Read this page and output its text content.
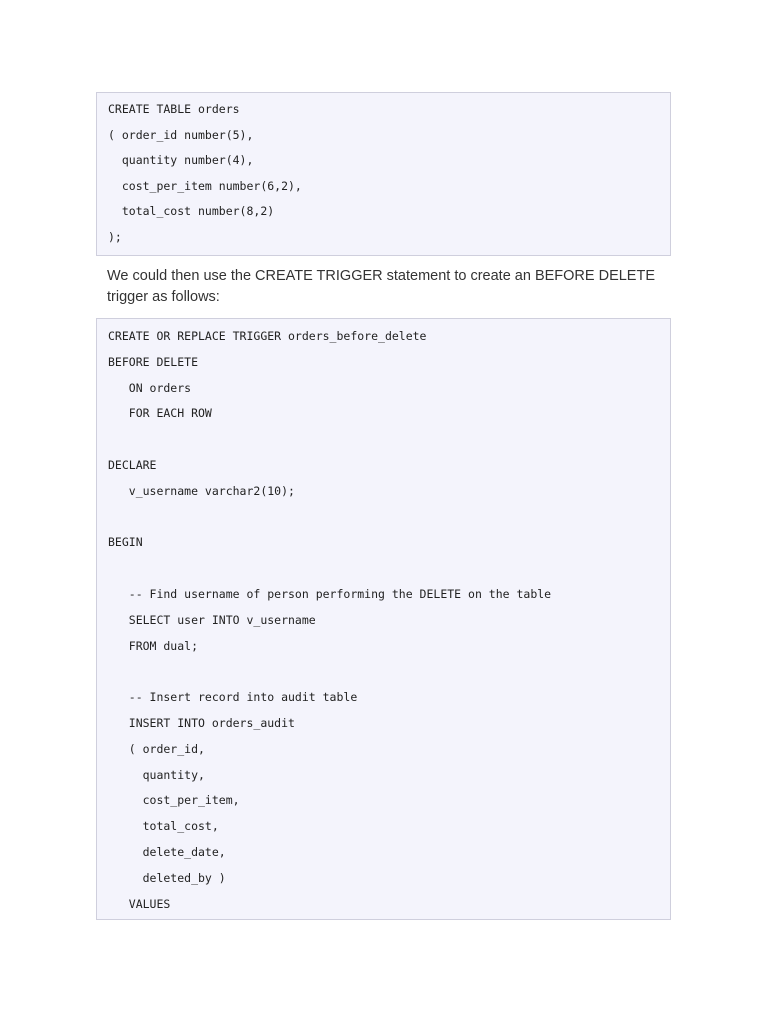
CREATE TABLE orders
( order_id number(5),
quantity number(4),
cost_per_item number(6,2),
total_cost number(8,2)
);

We could then use the CREATE TRIGGER statement to create an BEFORE DELETE trigger as follows:

CREATE OR REPLACE TRIGGER orders_before_delete
BEFORE DELETE
ON orders
FOR EACH ROW
DECLARE
v_username varchar2(10);
BEGIN
-- Find username of person performing the DELETE on the table
SELECT user INTO v_username
FROM dual;
-- Insert record into audit table
INSERT INTO orders_audit
( order_id,
quantity,
cost_per_item,
total_cost,
delete_date,
deleted_by )
VALUES
